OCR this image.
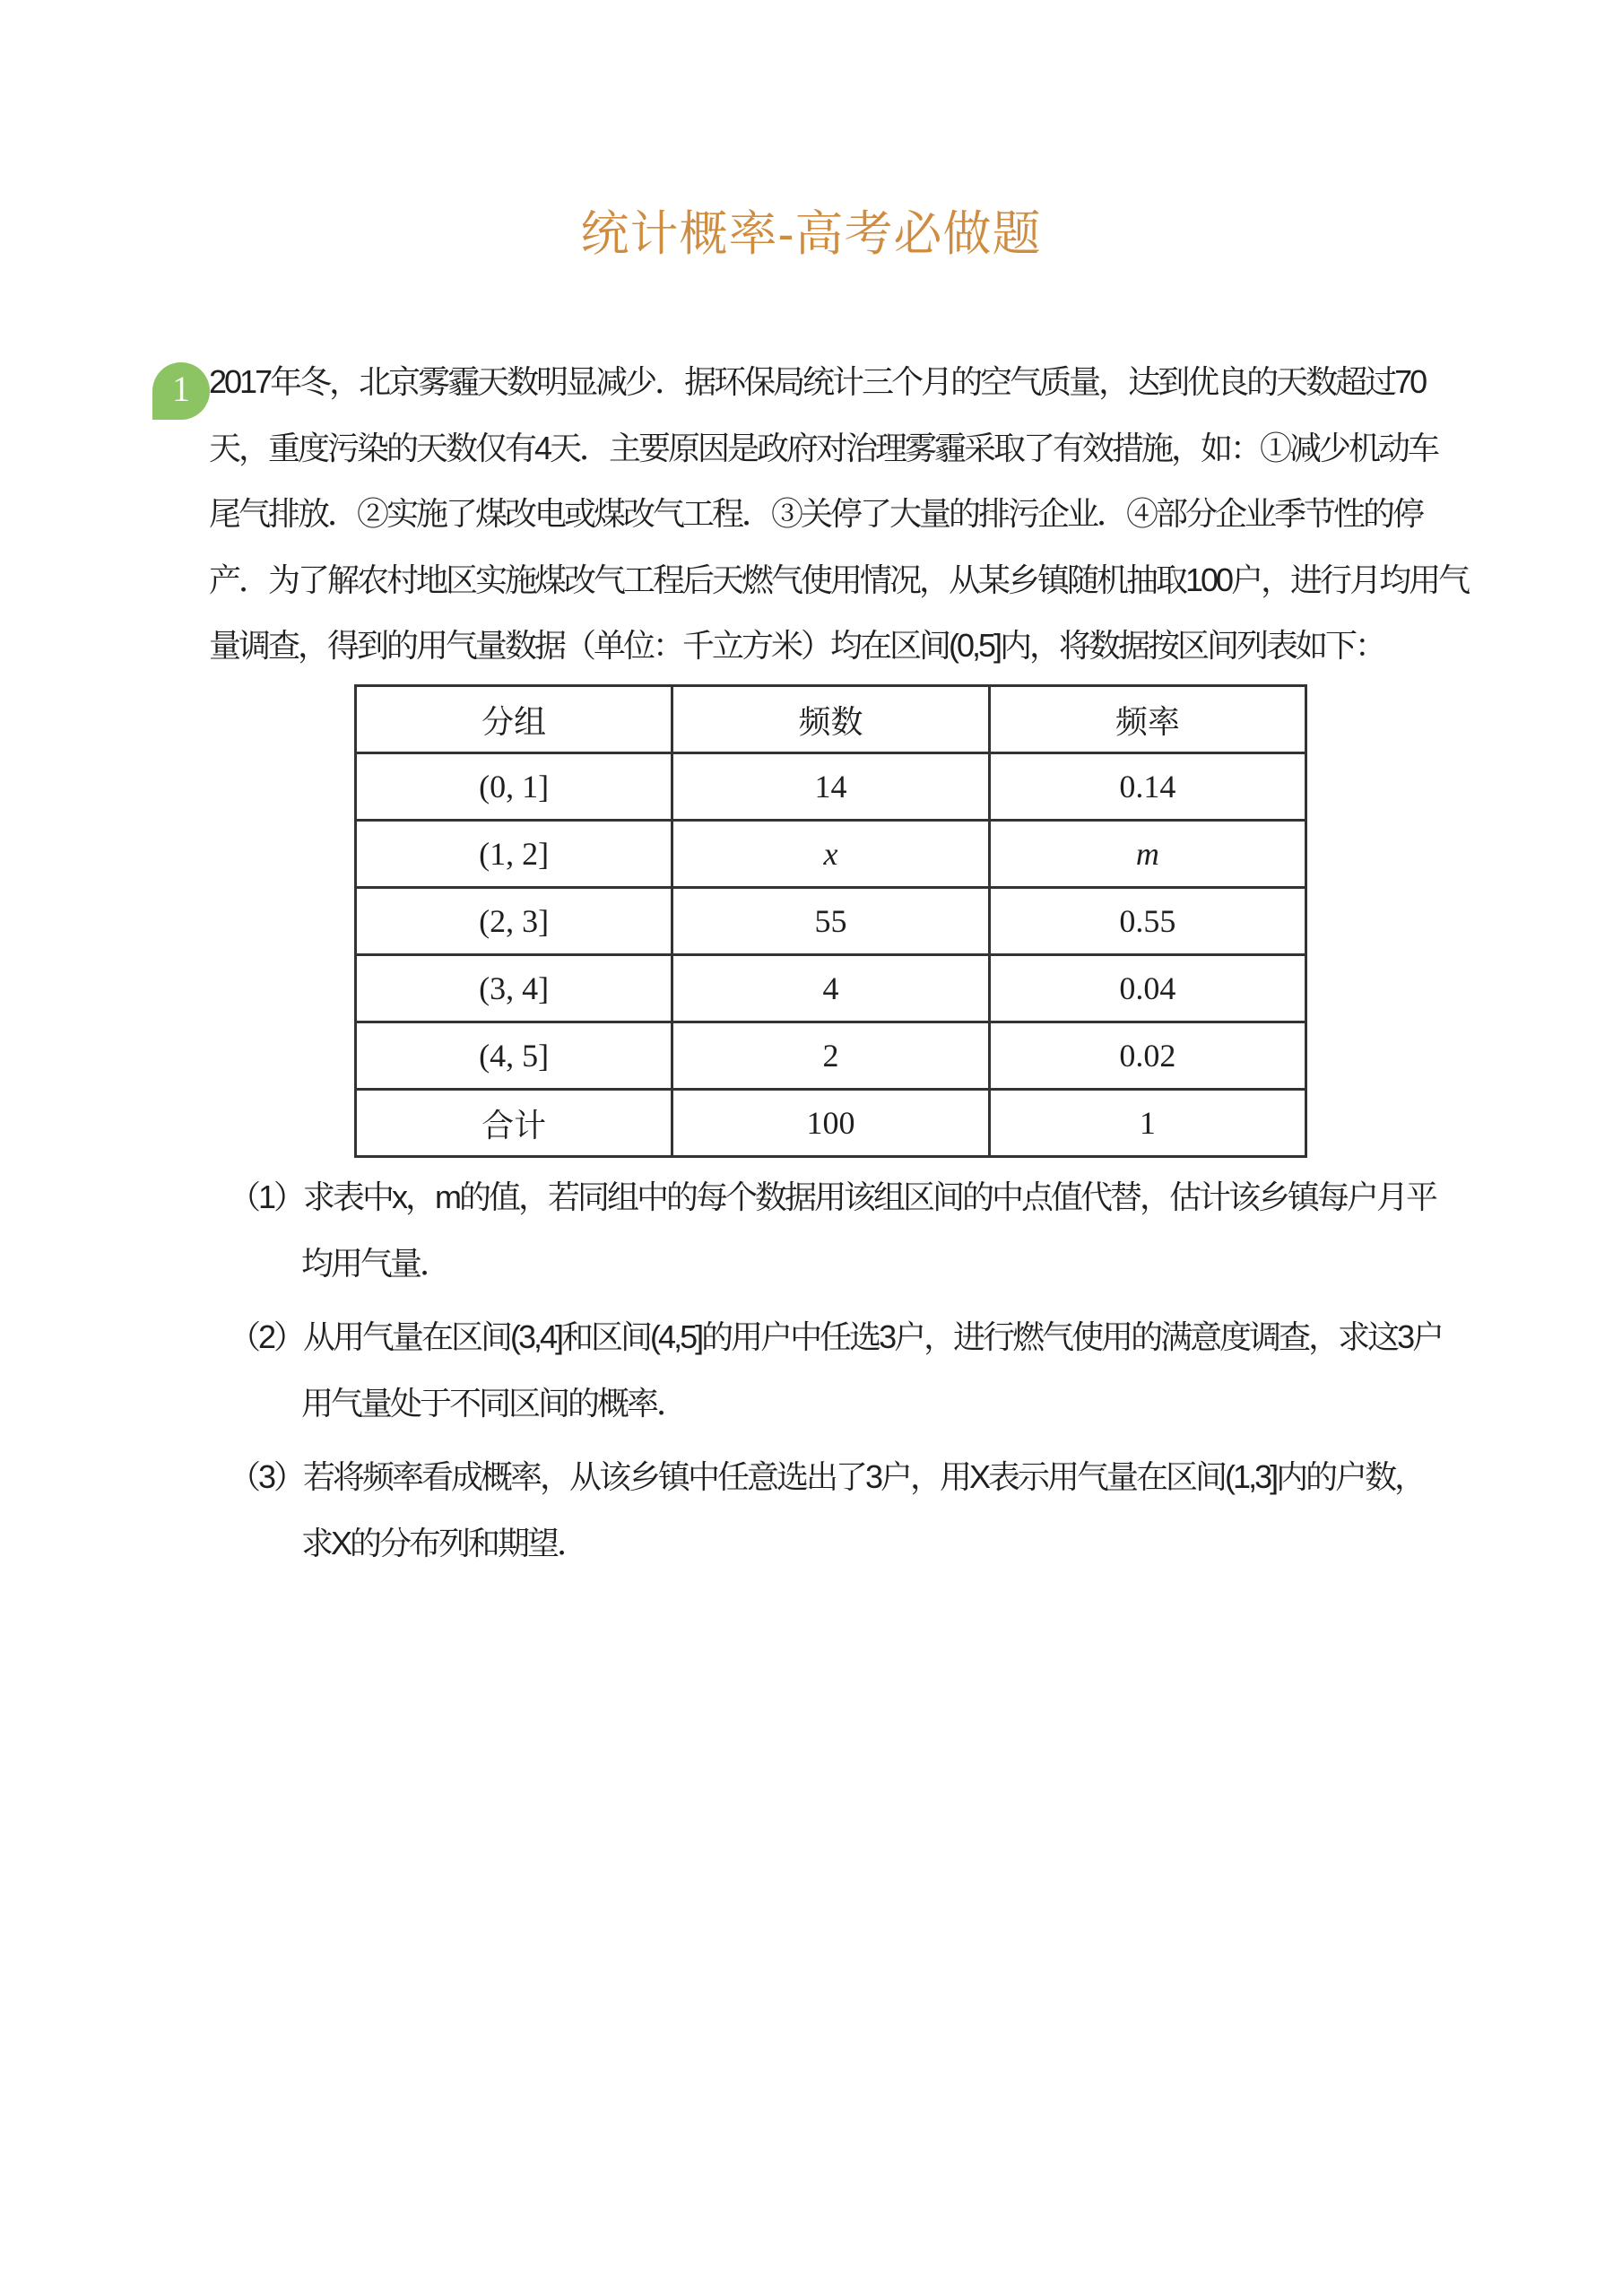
统计概率-高考必做题
1 2017年冬，北京雾霾天数明显减少．据环保局统计三个月的空气质量，达到优良的天数超过70
天，重度污染的天数仅有4天．主要原因是政府对治理雾霾采取了有效措施，如：①减少机动车
尾气排放．②实施了煤改电或煤改气工程．③关停了大量的排污企业．④部分企业季节性的停
产．为了解农村地区实施煤改气工程后天燃气使用情况，从某乡镇随机抽取100户，进行月均用气
量调查，得到的用气量数据（单位：千立方米）均在区间(0,5]内，将数据按区间列表如下：
分组	频数	频率
(0, 1]	14	0.14
(1, 2]	x	m
(2, 3]	55	0.55
(3, 4]	4	0.04
(4, 5]	2	0.02
合计	100	1
（1）求表中x，m的值，若同组中的每个数据用该组区间的中点值代替，估计该乡镇每户月平
均用气量．
（2）从用气量在区间(3,4]和区间(4,5]的用户中任选3户，进行燃气使用的满意度调查，求这3户
用气量处于不同区间的概率．
（3）若将频率看成概率，从该乡镇中任意选出了3户，用X表示用气量在区间(1,3]内的户数，
求X的分布列和期望．
